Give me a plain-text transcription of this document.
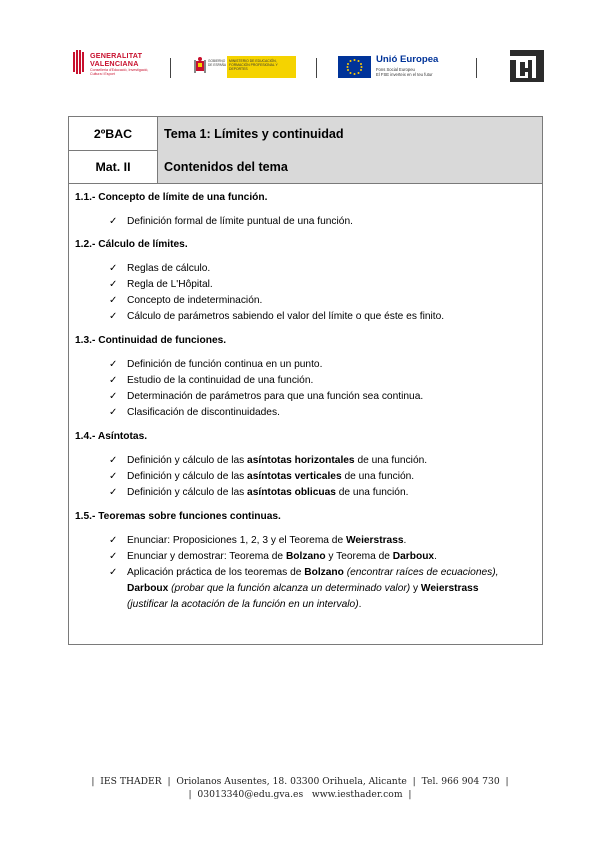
GENERALITAT
VALENCIANA
Conselleria d'Educació, Investigació, Cultura i Esport
GOBIERNO DE ESPAÑA
MINISTERIO DE EDUCACIÓN, FORMACIÓN PROFESIONAL Y DEPORTES
Unió Europea
Fons Social Europeu
El FSE inverteix en el teu futur
2ºBAC	Tema 1: Límites y continuidad
Mat. II	Contenidos del tema
1.1.- Concepto de límite de una función.
✓ Definición formal de límite puntual de una función.
1.2.- Cálculo de límites.
✓ Reglas de cálculo.
✓ Regla de L'Hôpital.
✓ Concepto de indeterminación.
✓ Cálculo de parámetros sabiendo el valor del límite o que éste es finito.
1.3.- Continuidad de funciones.
✓ Definición de función continua en un punto.
✓ Estudio de la continuidad de una función.
✓ Determinación de parámetros para que una función sea continua.
✓ Clasificación de discontinuidades.
1.4.- Asíntotas.
✓ Definición y cálculo de las asíntotas horizontales de una función.
✓ Definición y cálculo de las asíntotas verticales de una función.
✓ Definición y cálculo de las asíntotas oblicuas de una función.
1.5.- Teoremas sobre funciones continuas.
✓ Enunciar: Proposiciones 1, 2, 3 y el Teorema de Weierstrass.
✓ Enunciar y demostrar: Teorema de Bolzano y Teorema de Darboux.
✓ Aplicación práctica de los teoremas de Bolzano (encontrar raíces de ecuaciones),
Darboux (probar que la función alcanza un determinado valor) y Weierstrass
(justificar la acotación de la función en un intervalo).
|  IES THADER  |  Oriolanos Ausentes, 18. 03300 Orihuela, Alicante  |  Tel. 966 904 730  |
|  03013340@edu.gva.es   www.iesthader.com  |
